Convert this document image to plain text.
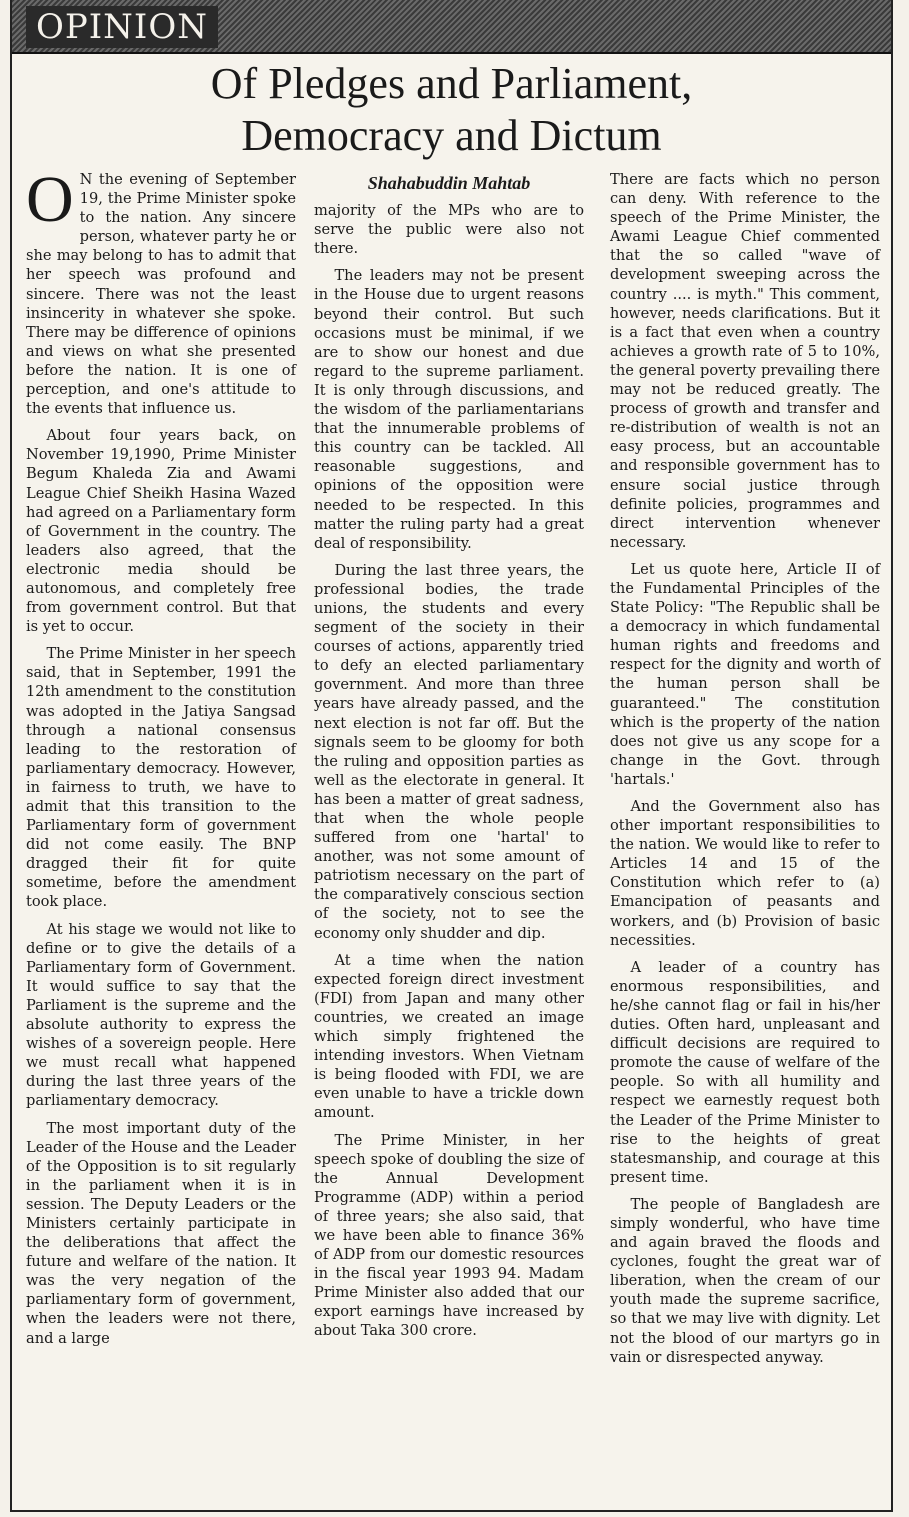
OPINION
Of Pledges and Parliament,
Democracy and Dictum

O N the evening of September 19, the Prime Minister spoke to the nation. Any sincere person, whatever party he or she may belong to has to admit that her speech was profound and sincere. There was not the least insincerity in whatever she spoke. There may be difference of opinions and views on what she presented before the nation. It is one of perception, and one's attitude to the events that influence us.

About four years back, on November 19,1990, Prime Minister Begum Khaleda Zia and Awami League Chief Sheikh Hasina Wazed had agreed on a Parliamentary form of Government in the country. The leaders also agreed, that the electronic media should be autonomous, and completely free from government control. But that is yet to occur.

The Prime Minister in her speech said, that in September, 1991 the 12th amendment to the constitution was adopted in the Jatiya Sangsad through a national consensus leading to the restoration of parliamentary democracy. However, in fairness to truth, we have to admit that this transition to the Parliamentary form of government did not come easily. The BNP dragged their fit for quite sometime, before the amendment took place.

At his stage we would not like to define or to give the details of a Parliamentary form of Government. It would suffice to say that the Parliament is the supreme and the absolute authority to express the wishes of a sovereign people. Here we must recall what happened during the last three years of the parliamentary democracy.

The most important duty of the Leader of the House and the Leader of the Opposition is to sit regularly in the parliament when it is in session. The Deputy Leaders or the Ministers certainly participate in the deliberations that affect the future and welfare of the nation. It was the very negation of the parliamentary form of government, when the leaders were not there, and a large

Shahabuddin Mahtab

majority of the MPs who are to serve the public were also not there.

The leaders may not be present in the House due to urgent reasons beyond their control. But such occasions must be minimal, if we are to show our honest and due regard to the supreme parliament. It is only through discussions, and the wisdom of the parliamentarians that the innumerable problems of this country can be tackled. All reasonable suggestions, and opinions of the opposition were needed to be respected. In this matter the ruling party had a great deal of responsibility.

During the last three years, the professional bodies, the trade unions, the students and every segment of the society in their courses of actions, apparently tried to defy an elected parliamentary government. And more than three years have already passed, and the next election is not far off. But the signals seem to be gloomy for both the ruling and opposition parties as well as the electorate in general. It has been a matter of great sadness, that when the whole people suffered from one 'hartal' to another, was not some amount of patriotism necessary on the part of the comparatively conscious section of the society, not to see the economy only shudder and dip.

At a time when the nation expected foreign direct investment (FDI) from Japan and many other countries, we created an image which simply frightened the intending investors. When Vietnam is being flooded with FDI, we are even unable to have a trickle down amount.

The Prime Minister, in her speech spoke of doubling the size of the Annual Development Programme (ADP) within a period of three years; she also said, that we have been able to finance 36% of ADP from our domestic resources in the fiscal year 1993 94. Madam Prime Minister also added that our export earnings have increased by about Taka 300 crore.

There are facts which no person can deny. With reference to the speech of the Prime Minister, the Awami League Chief commented that the so called "wave of development sweeping across the country .... is myth." This comment, however, needs clarifications. But it is a fact that even when a country achieves a growth rate of 5 to 10%, the general poverty prevailing there may not be reduced greatly. The process of growth and transfer and re-distribution of wealth is not an easy process, but an accountable and responsible government has to ensure social justice through definite policies, programmes and direct intervention whenever necessary.

Let us quote here, Article II of the Fundamental Principles of the State Policy: "The Republic shall be a democracy in which fundamental human rights and freedoms and respect for the dignity and worth of the human person shall be guaranteed." The constitution which is the property of the nation does not give us any scope for a change in the Govt. through 'hartals.'

And the Government also has other important responsibilities to the nation. We would like to refer to Articles 14 and 15 of the Constitution which refer to (a) Emancipation of peasants and workers, and (b) Provision of basic necessities.

A leader of a country has enormous responsibilities, and he/she cannot flag or fail in his/her duties. Often hard, unpleasant and difficult decisions are required to promote the cause of welfare of the people. So with all humility and respect we earnestly request both the Leader of the Prime Minister to rise to the heights of great statesmanship, and courage at this present time.

The people of Bangladesh are simply wonderful, who have time and again braved the floods and cyclones, fought the great war of liberation, when the cream of our youth made the supreme sacrifice, so that we may live with dignity. Let not the blood of our martyrs go in vain or disrespected anyway.
